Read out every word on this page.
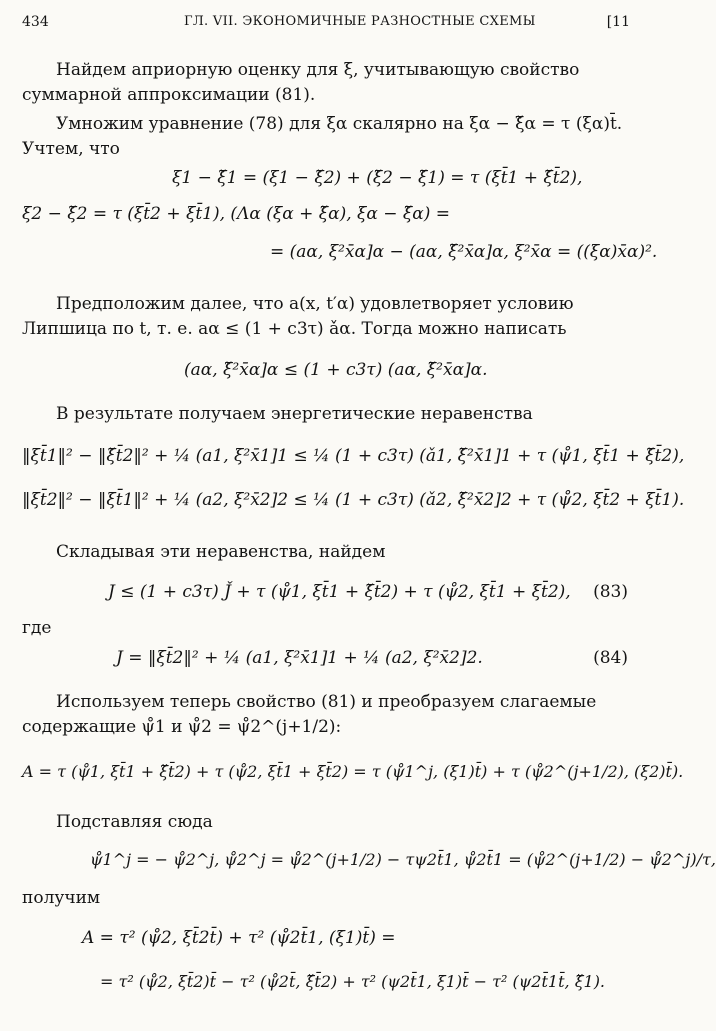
434	ГЛ. VII. ЭКОНОМИЧНЫЕ РАЗНОСТНЫЕ СХЕМЫ	[11
Найдем априорную оценку для ξ, учитывающую свойство суммарной аппроксимации (81).
Умножим уравнение (78) для ξα скалярно на ξα − ξ̌α = τ (ξα)t̄. Учтем, что
ξ1 − ξ̌1 = (ξ1 − ξ̌2) + (ξ̌2 − ξ̌1) = τ (ξt̄1 + ξ̌t̄2),
ξ2 − ξ̌2 = τ (ξt̄2 + ξt̄1), (Λα (ξα + ξ̌α), ξα − ξ̌α) =
= (aα, ξ²x̄α]α − (aα, ξ̌²x̄α]α, ξ²x̄α = ((ξα)x̄α)².
Предположим далее, что a(x, t′α) удовлетворяет условию Липшица по t, т. е. aα ≤ (1 + c3τ) ǎα. Тогда можно написать
(aα, ξ̌²x̄α]α ≤ (1 + c3τ) (aα, ξ̌²x̄α]α.
В результате получаем энергетические неравенства
‖ξt̄1‖² − ‖ξ̌t̄2‖² + ¼ (a1, ξ²x̄1]1 ≤ ¼ (1 + c3τ) (ǎ1, ξ̌²x̄1]1 + τ (ψ̊1, ξt̄1 + ξ̌t̄2),
‖ξt̄2‖² − ‖ξt̄1‖² + ¼ (a2, ξ²x̄2]2 ≤ ¼ (1 + c3τ) (ǎ2, ξ̌²x̄2]2 + τ (ψ̊2, ξt̄2 + ξt̄1).
Складывая эти неравенства, найдем
J ≤ (1 + c3τ) J̌ + τ (ψ̊1, ξt̄1 + ξ̌t̄2) + τ (ψ̊2, ξt̄1 + ξt̄2), (83)
где
J = ‖ξt̄2‖² + ¼ (a1, ξ²x̄1]1 + ¼ (a2, ξ²x̄2]2.	(84)
Используем теперь свойство (81) и преобразуем слагаемые содержащие ψ̊1 и ψ̊2 = ψ̊2^(j+1/2):
A = τ (ψ̊1, ξt̄1 + ξ̌t̄2) + τ (ψ̊2, ξt̄1 + ξt̄2) = τ (ψ̊1^j, (ξ1)t̄) + τ (ψ̊2^(j+1/2), (ξ2)t̄).
Подставляя сюда
ψ̊1^j = − ψ̊2^j, ψ̊2^j = ψ̊2^(j+1/2) − τψ2t̄1, ψ̊2t̄1 = (ψ̊2^(j+1/2) − ψ̊2^j)/τ,
получим
A = τ² (ψ̊2, ξt̄2t̄) + τ² (ψ̊2t̄1, (ξ1)t̄) =
= τ² (ψ̊2, ξt̄2)t̄ − τ² (ψ̊2t̄, ξ̌t̄2) + τ² (ψ2t̄1, ξ1)t̄ − τ² (ψ2t̄1t̄, ξ̌1).
